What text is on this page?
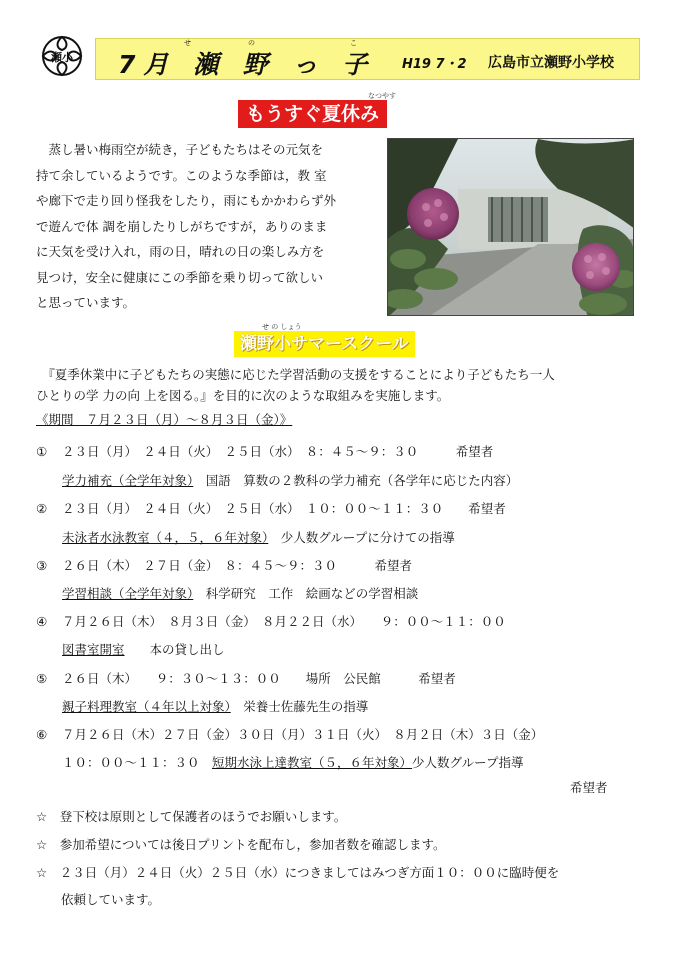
瀬小
せ	の	こ
7月 瀬 野 っ 子 H19 7・2 広島市立瀬野小学校
なつやす
もうすぐ夏休み

　蒸し暑い梅雨空が続き，子どもたちはその元気を

持て余しているようです。このような季節は，教 室

や廊下で走り回り怪我をしたり，雨にもかかわらず外

で遊んで体 調を崩したりしがちですが，ありのまま

に天気を受け入れ，雨の日，晴れの日の楽しみ方を

見つけ，安全に健康にこの季節を乗り切って欲しい

と思っています。

せ の しょう
瀬野小サマースクール
　『夏季休業中に子どもたちの実態に応じた学習活動の支援をすることにより子どもたち一人
ひとりの学 力の向 上を図る。』を目的に次のような取組みを実施します。
《期間　７月２３日（月）～８月３日（金）》
① ２３日（月）　２４日（火）　２５日（水）　８：４５～９：３０　　　希望者
学力補充（全学年対象）　国語　算数の２教科の学力補充（各学年に応じた内容）
② ２３日（月）　２４日（火）　２５日（水）　１０：００～１１：３０　　希望者
未泳者水泳教室（４，５，６年対象）　少人数グループに分けての指導
③ ２６日（木）　２７日（金）　８：４５～９：３０　　　希望者
学習相談（全学年対象）　科学研究　工作　絵画などの学習相談
④ ７月２６日（木）　８月３日（金）　８月２２日（水）　　９：００～１１：００
図書室開室　　本の貸し出し
⑤ ２６日（木）　　９：３０～１３：００　　場所　公民館　　　希望者
親子料理教室（４年以上対象）　栄養士佐藤先生の指導
⑥ ７月２６日（木）２７日（金）３０日（月）３１日（火）　８月２日（木）３日（金）
１０：００～１１：３０　 短期水泳上達教室（５，６年対象）少人数グループ指導
希望者
☆　登下校は原則として保護者のほうでお願いします。
☆　参加希望については後日プリントを配布し，参加者数を確認します。
☆　２３日（月）２４日（火）２５日（水）につきましてはみつぎ方面１０：００に臨時便を
　　依頼しています。
